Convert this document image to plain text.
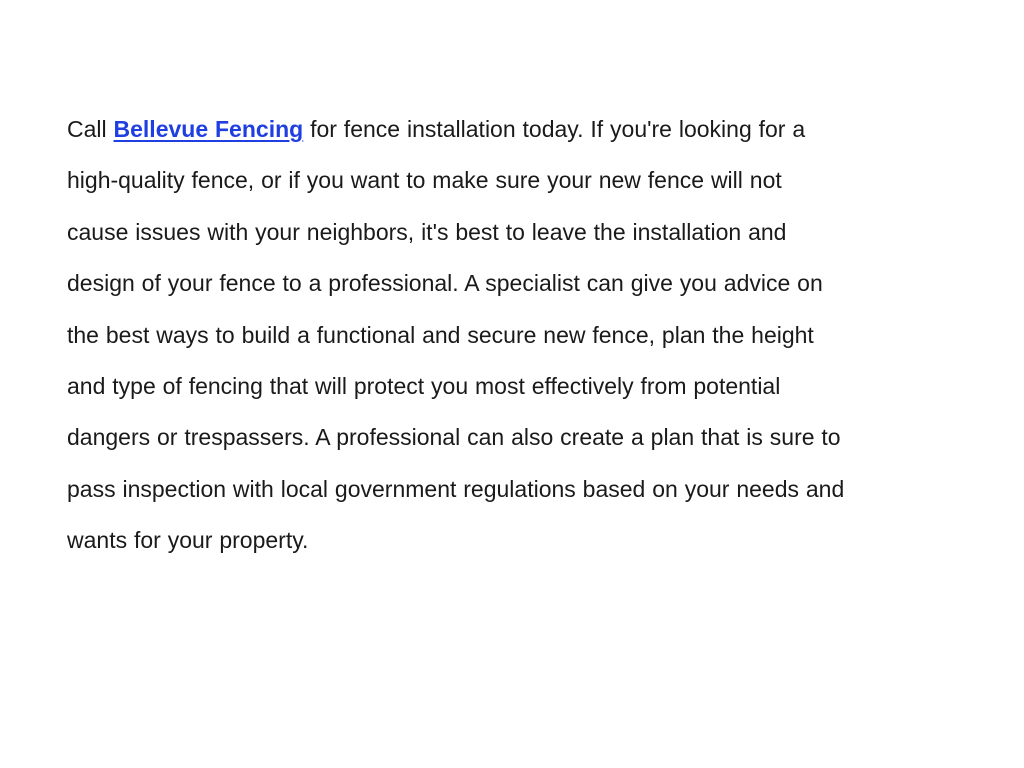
Call Bellevue Fencing for fence installation today. If you're looking for a
high-quality fence, or if you want to make sure your new fence will not
cause issues with your neighbors, it's best to leave the installation and
design of your fence to a professional. A specialist can give you advice on
the best ways to build a functional and secure new fence, plan the height
and type of fencing that will protect you most effectively from potential
dangers or trespassers. A professional can also create a plan that is sure to
pass inspection with local government regulations based on your needs and
wants for your property.
